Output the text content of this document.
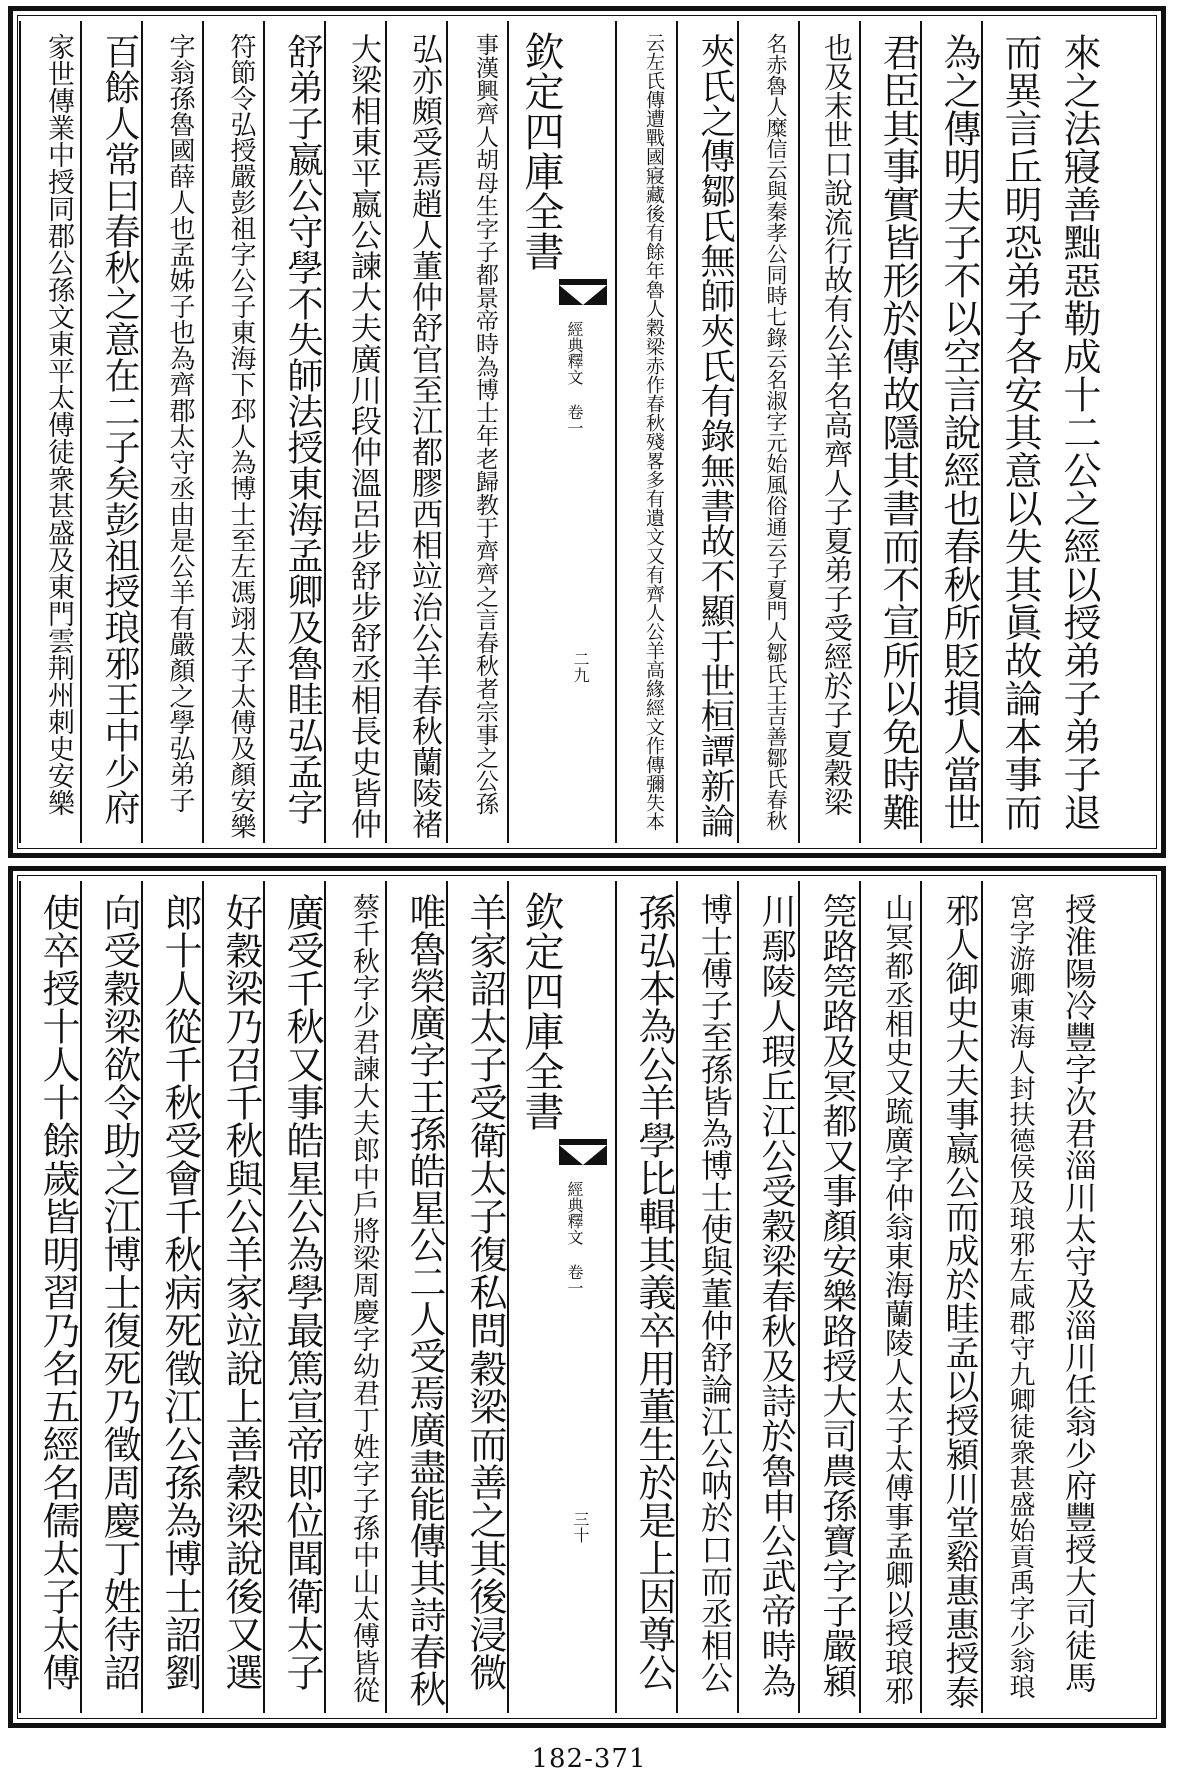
來之法寢善黜惡勒成十二公之經以授弟子弟子退
而異言丘明恐弟子各安其意以失其眞故論本事而
為之傳明夫子不以空言說經也春秋所貶損人當世
君臣其事實皆形於傳故隱其書而不宣所以免時難
也及末世口說流行故有公羊名高齊人子夏弟子受經於子夏穀梁
名赤魯人糜信云與秦孝公同時七錄云名淑字元始風俗通云子夏門人鄒氏王吉善鄒氏春秋
夾氏之傳鄒氏無師夾氏有錄無書故不顯于世桓譚新論
云左氏傳遭戰國寢藏後有餘年魯人穀梁赤作春秋殘畧多有遺文又有齊人公羊高緣經文作傳彌失本
事漢興齊人胡母生字子都景帝時為博士年老歸教于齊齊之言春秋者宗事之公孫
弘亦頗受焉趙人董仲舒官至江都膠西相竝治公羊春秋蘭陵褚
大梁相東平嬴公諫大夫廣川段仲溫呂步舒步舒丞相長史皆仲
舒弟子嬴公守學不失師法授東海孟卿及魯眭弘孟字
符節令弘授嚴彭祖字公子東海下邳人為博士至左馮翊太子太傅及顏安樂
字翁孫魯國薛人也孟姊子也為齊郡太守丞由是公羊有嚴顏之學弘弟子
百餘人常曰春秋之意在二子矣彭祖授琅邪王中少府
家世傳業中授同郡公孫文東平太傅徒衆甚盛及東門雲荆州刺史安樂	欽定四庫全書
經典釋文 卷一
二九
授淮陽冷豐字次君淄川太守及淄川任翁少府豐授大司徒馬
宮字游卿東海人封扶德侯及琅邪左咸郡守九卿徒衆甚盛始貢禹字少翁琅
邪人御史大夫事嬴公而成於眭孟以授潁川堂谿惠惠授泰
山冥都丞相史又䟽廣字仲翁東海蘭陵人太子太傅事孟卿以授琅邪
筦路筦路及冥都又事顏安樂路授大司農孫寶字子嚴潁
川鄢陵人瑕丘江公受穀梁春秋及詩於魯申公武帝時為
博士傅子至孫皆為博士使與董仲舒論江公呐於口而丞相公
孫弘本為公羊學比輯其義卒用董生於是上因尊公
羊家詔太子受衛太子復私問穀梁而善之其後浸微
唯魯榮廣字王孫皓星公二人受焉廣盡能傳其詩春秋
蔡千秋字少君諫大夫郎中戶將梁周慶字幼君丁姓字子孫中山太傅皆從
廣受千秋又事皓星公為學最篤宣帝即位聞衛太子
好穀梁乃召千秋與公羊家竝說上善穀梁說後又選
郎十人從千秋受會千秋病死徵江公孫為博士詔劉
向受穀梁欲令助之江博士復死乃徵周慶丁姓待詔
使卒授十人十餘歲皆明習乃名五經名儒太子太傅	欽定四庫全書
經典釋文 卷一
三十
182-371
